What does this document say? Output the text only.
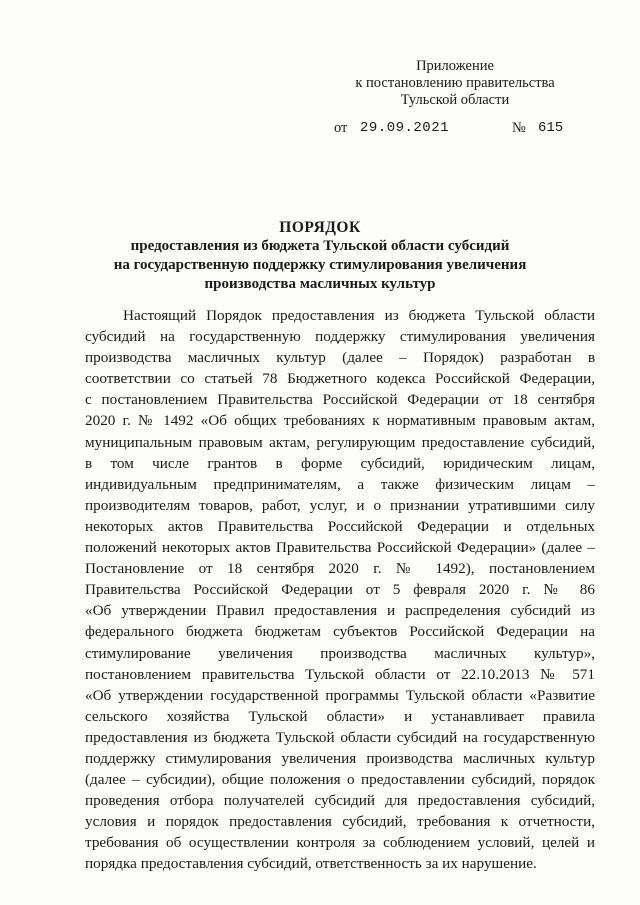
Приложение
к постановлению правительства
Тульской области
от 29.09.2021	№ 615
ПОРЯДОК
предоставления из бюджета Тульской области субсидий
на государственную поддержку стимулирования увеличения
производства масличных культур
Настоящий Порядок предоставления из бюджета Тульской области
субсидий на государственную поддержку стимулирования увеличения
производства масличных культур (далее – Порядок) разработан в
соответствии со статьей 78 Бюджетного кодекса Российской Федерации,
с постановлением Правительства Российской Федерации от 18 сентября
2020 г. № 1492 «Об общих требованиях к нормативным правовым актам,
муниципальным правовым актам, регулирующим предоставление субсидий,
в том числе грантов в форме субсидий, юридическим лицам,
индивидуальным предпринимателям, а также физическим лицам –
производителям товаров, работ, услуг, и о признании утратившими силу
некоторых актов Правительства Российской Федерации и отдельных
положений некоторых актов Правительства Российской Федерации» (далее –
Постановление от 18 сентября 2020 г. № 1492), постановлением
Правительства Российской Федерации от 5 февраля 2020 г. № 86
«Об утверждении Правил предоставления и распределения субсидий из
федерального бюджета бюджетам субъектов Российской Федерации на
стимулирование увеличения производства масличных культур»,
постановлением правительства Тульской области от 22.10.2013 № 571
«Об утверждении государственной программы Тульской области «Развитие
сельского хозяйства Тульской области» и устанавливает правила
предоставления из бюджета Тульской области субсидий на государственную
поддержку стимулирования увеличения производства масличных культур
(далее – субсидии), общие положения о предоставлении субсидий, порядок
проведения отбора получателей субсидий для предоставления субсидий,
условия и порядок предоставления субсидий, требования к отчетности,
требования об осуществлении контроля за соблюдением условий, целей и
порядка предоставления субсидий, ответственность за их нарушение.
